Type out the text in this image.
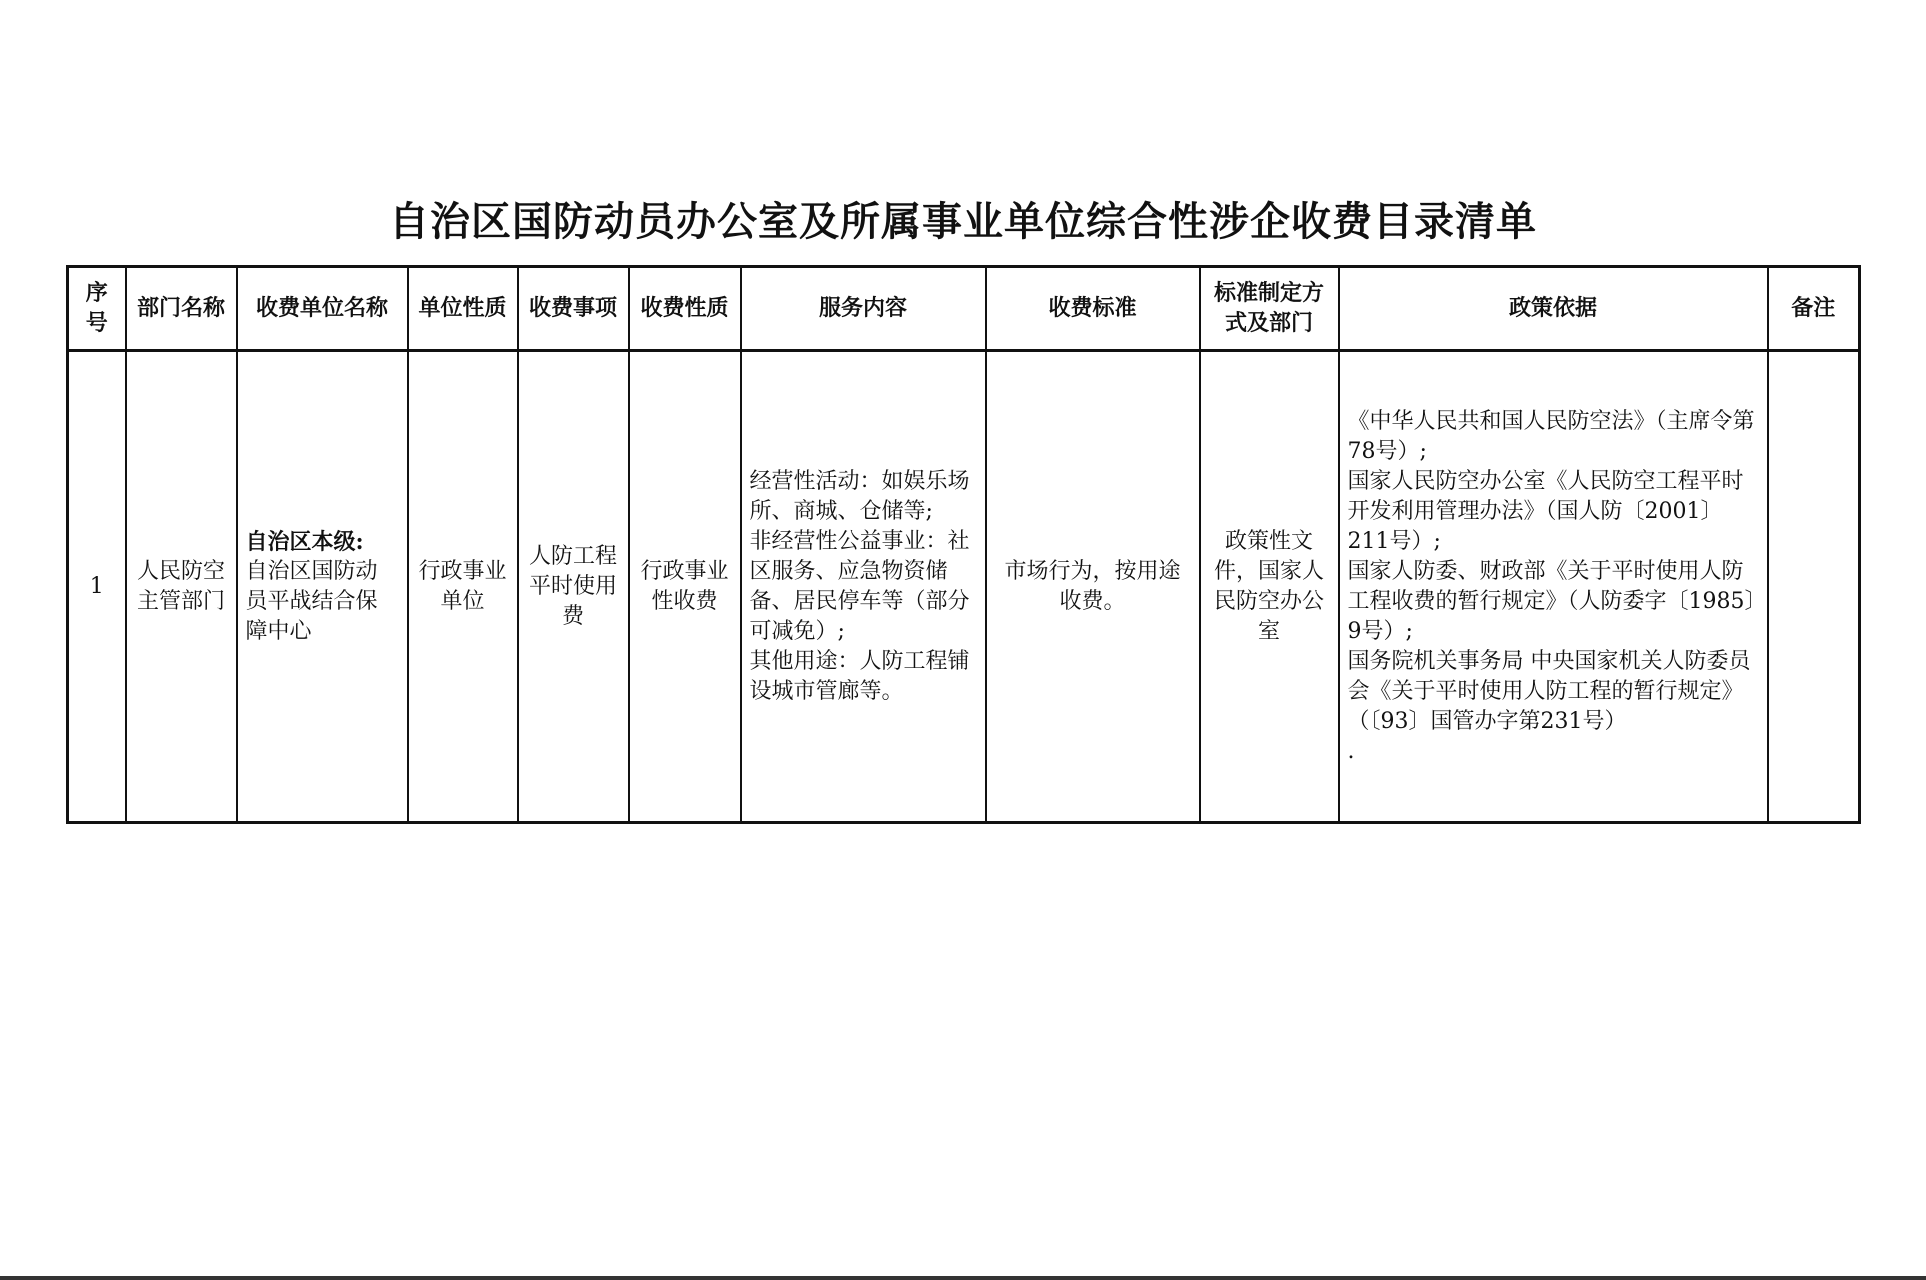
自治区国防动员办公室及所属事业单位综合性涉企收费目录清单
序号	部门名称	收费单位名称	单位性质	收费事项	收费性质	服务内容	收费标准	标准制定方式及部门	政策依据	备注
1	人民防空主管部门	自治区本级:
自治区国防动员平战结合保障中心	行政事业单位	人防工程平时使用费	行政事业性收费	经营性活动：如娱乐场所、商城、仓储等;
非经营性公益事业：社区服务、应急物资储备、居民停车等（部分可减免）;
其他用途：人防工程铺设城市管廊等。	市场行为，按用途收费。	政策性文件，国家人民防空办公室	《中华人民共和国人民防空法》（主席令第78号）;
国家人民防空办公室《人民防空工程平时开发利用管理办法》（国人防〔2001〕211号）;
国家人防委、财政部《关于平时使用人防工程收费的暂行规定》（人防委字〔1985〕9号）;
国务院机关事务局 中央国家机关人防委员会《关于平时使用人防工程的暂行规定》（〔93〕国管办字第231号）
.	
